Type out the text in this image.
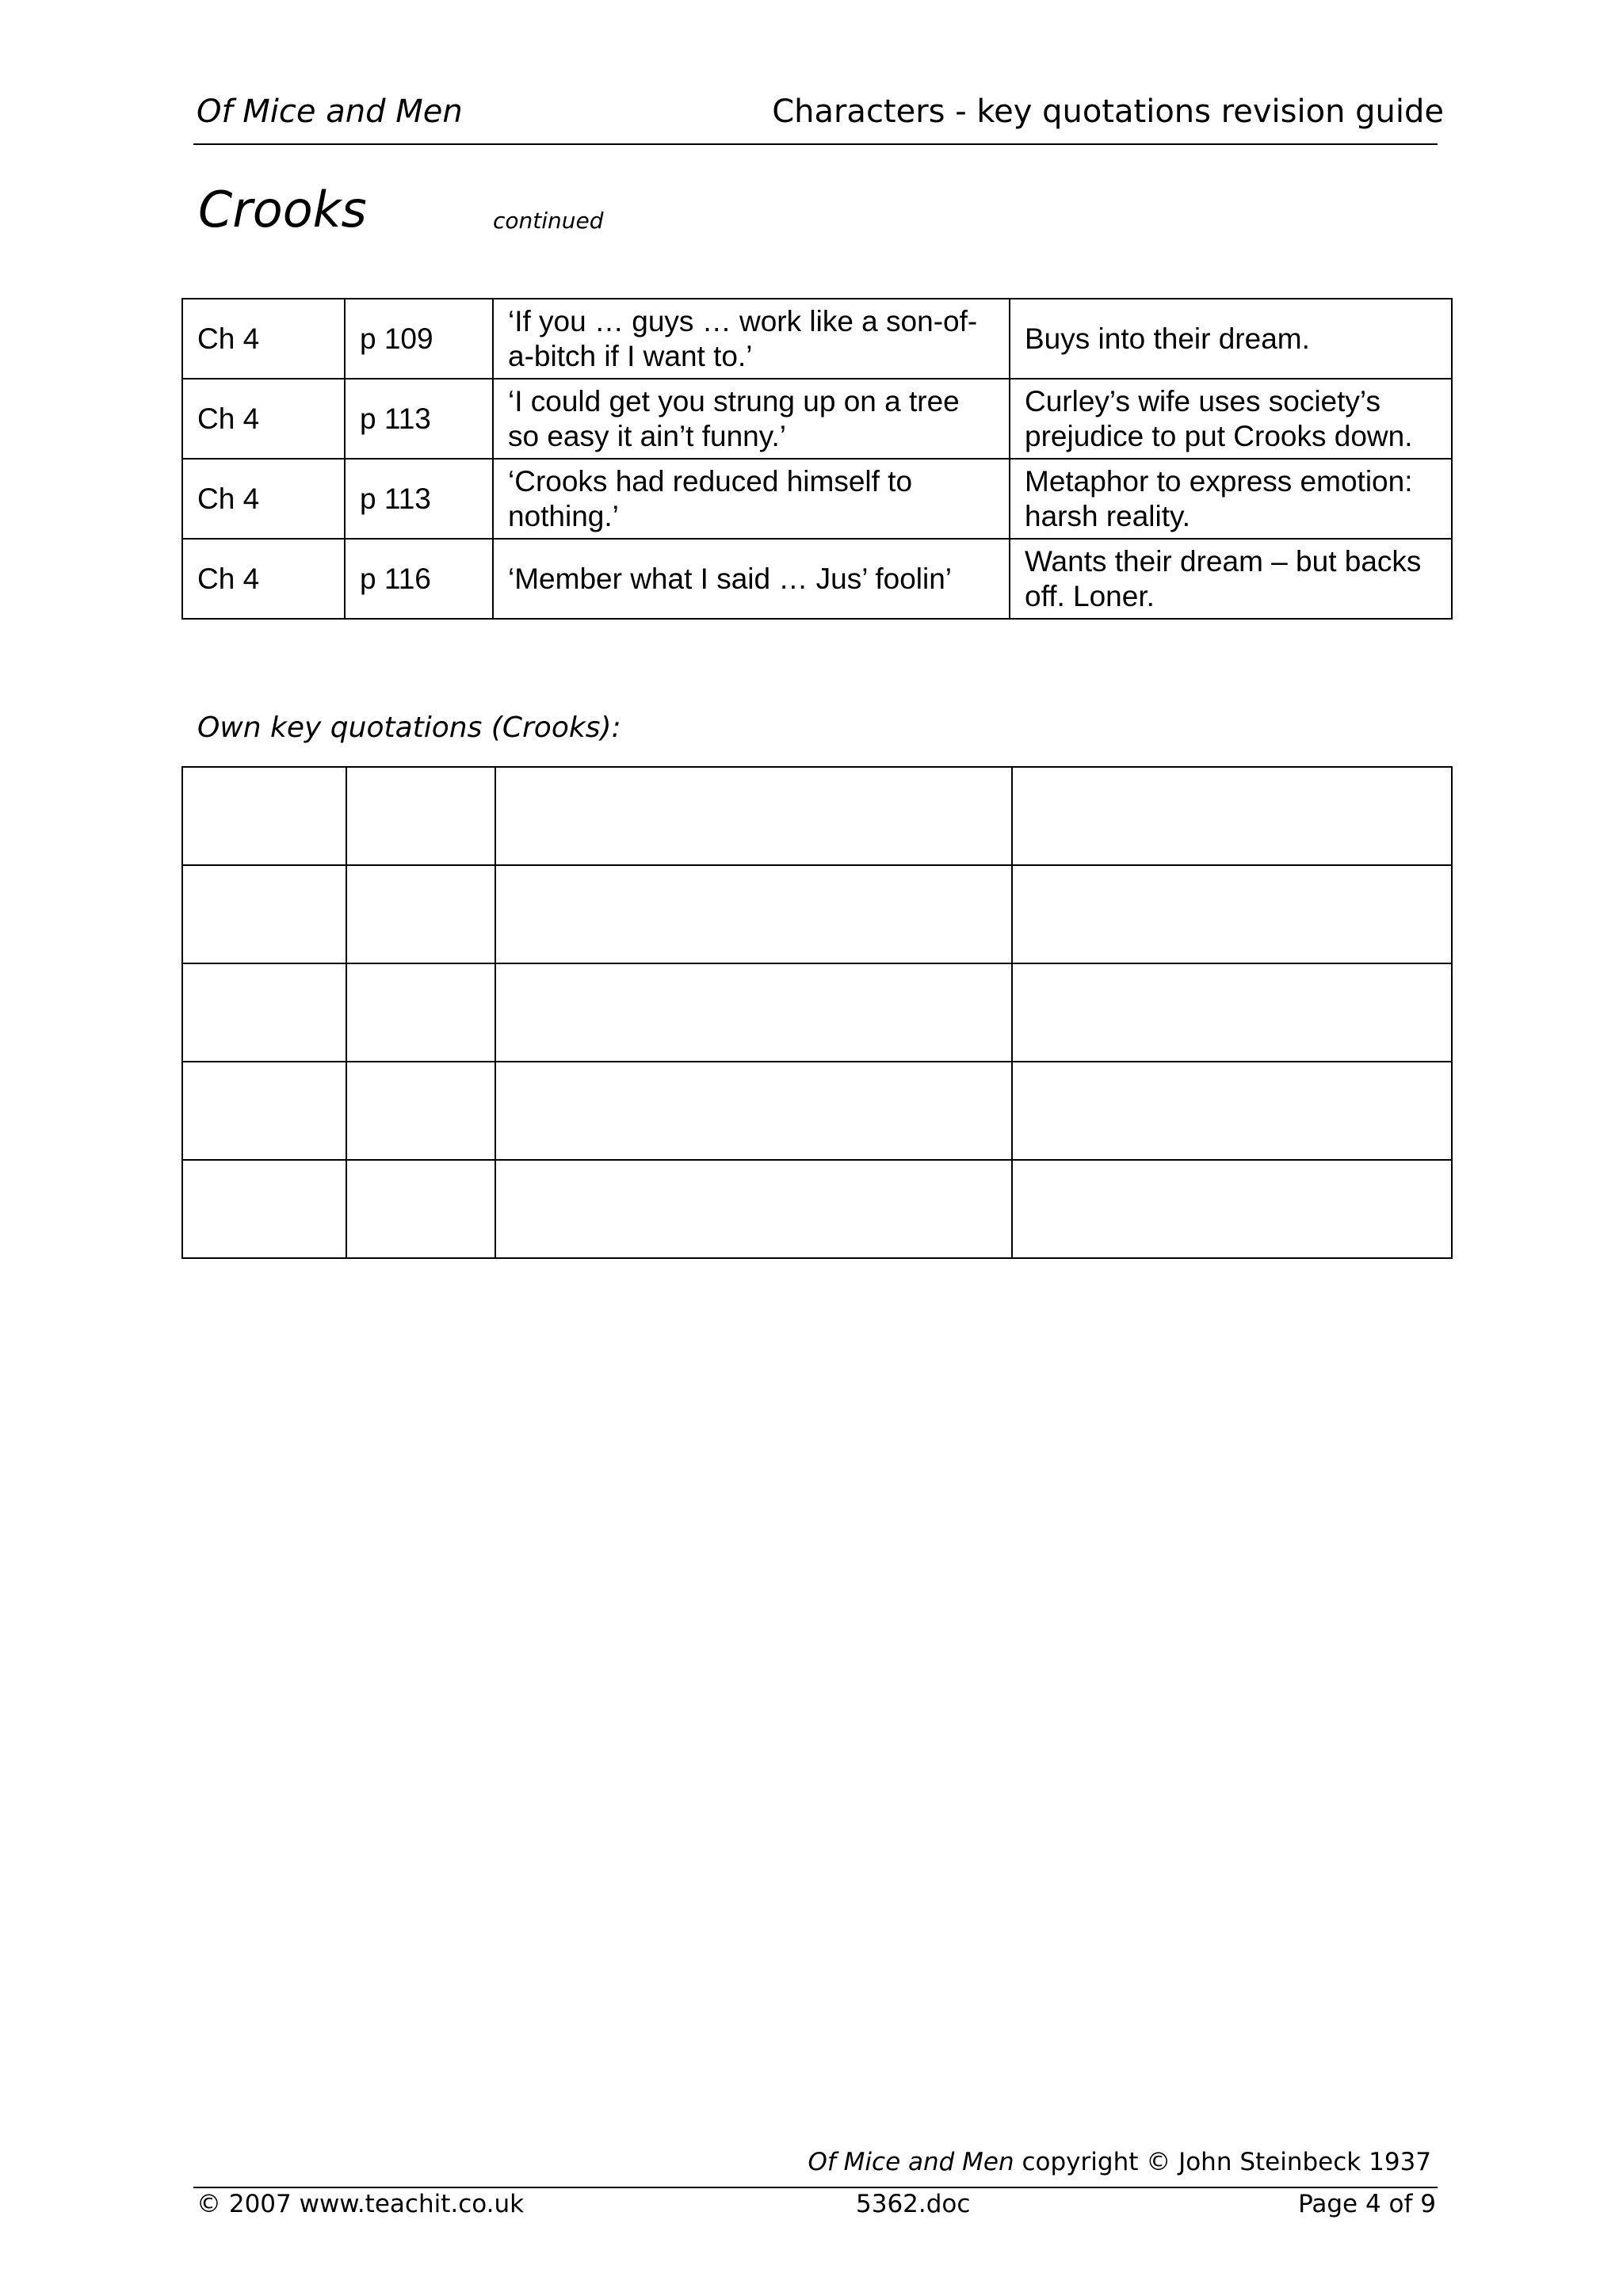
Of Mice and Men	Characters - key quotations revision guide
Crooks	continued
Ch 4	p 109	‘If you … guys … work like a son-of-a-bitch if I want to.’	Buys into their dream.
Ch 4	p 113	‘I could get you strung up on a tree so easy it ain’t funny.’	Curley’s wife uses society’s prejudice to put Crooks down.
Ch 4	p 113	‘Crooks had reduced himself to nothing.’	Metaphor to express emotion: harsh reality.
Ch 4	p 116	‘Member what I said … Jus’ foolin’	Wants their dream – but backs off. Loner.
Own key quotations (Crooks):

Of Mice and Men copyright © John Steinbeck 1937
© 2007 www.teachit.co.uk	5362.doc	Page 4 of 9
